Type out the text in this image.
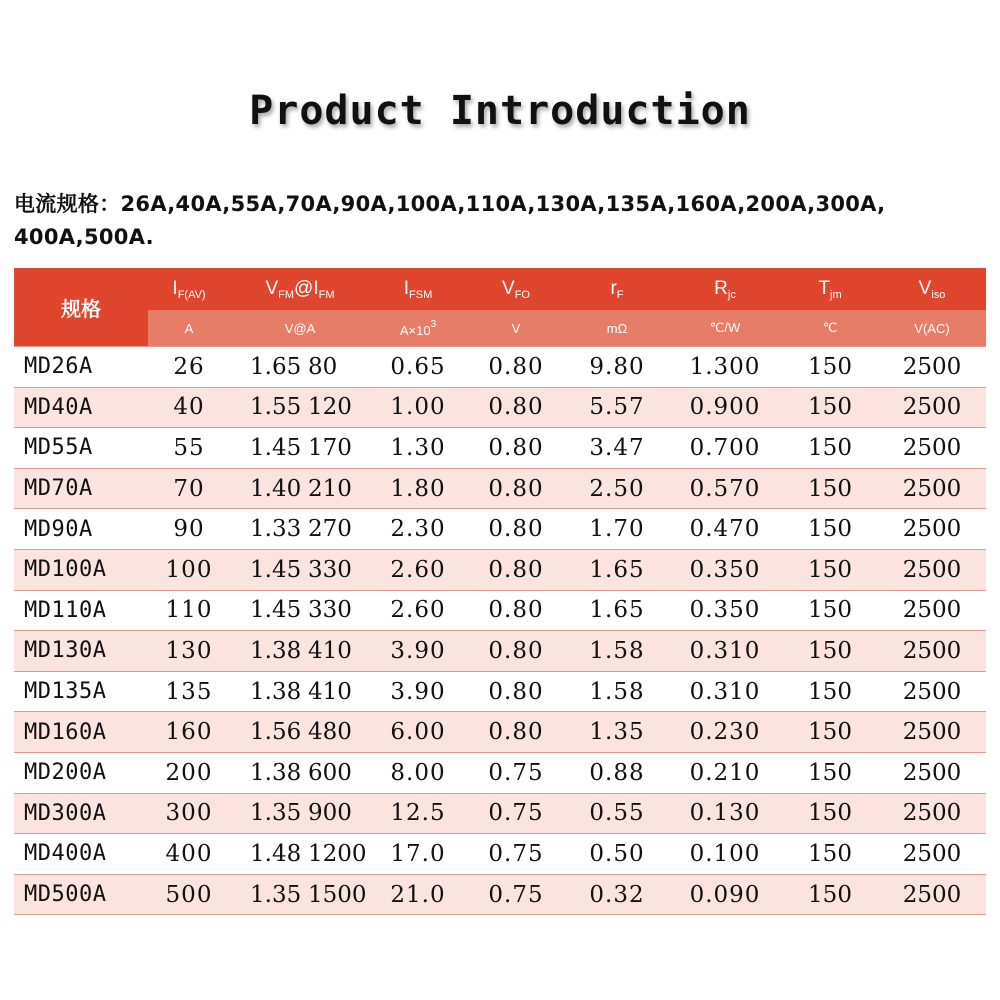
Product Introduction
电流规格：26A,40A,55A,70A,90A,100A,110A,130A,135A,160A,200A,300A,
400A,500A.
规格	$I_{F(AV)}$	$V_{FM}@I_{FM}$	$I_{FSM}$	$V_{FO}$	$r_F$	$R_{jc}$	$T_{jm}$	$V_{iso}$
	A	V@A	$A\times 10^3$	V	mΩ	℃/W	℃	V(AC)
MD26A	26	1.65 80	0.65	0.80	9.80	1.300	150	2500
MD40A	40	1.55 120	1.00	0.80	5.57	0.900	150	2500
MD55A	55	1.45 170	1.30	0.80	3.47	0.700	150	2500
MD70A	70	1.40 210	1.80	0.80	2.50	0.570	150	2500
MD90A	90	1.33 270	2.30	0.80	1.70	0.470	150	2500
MD100A	100	1.45 330	2.60	0.80	1.65	0.350	150	2500
MD110A	110	1.45 330	2.60	0.80	1.65	0.350	150	2500
MD130A	130	1.38 410	3.90	0.80	1.58	0.310	150	2500
MD135A	135	1.38 410	3.90	0.80	1.58	0.310	150	2500
MD160A	160	1.56 480	6.00	0.80	1.35	0.230	150	2500
MD200A	200	1.38 600	8.00	0.75	0.88	0.210	150	2500
MD300A	300	1.35 900	12.5	0.75	0.55	0.130	150	2500
MD400A	400	1.48 1200	17.0	0.75	0.50	0.100	150	2500
MD500A	500	1.35 1500	21.0	0.75	0.32	0.090	150	2500
